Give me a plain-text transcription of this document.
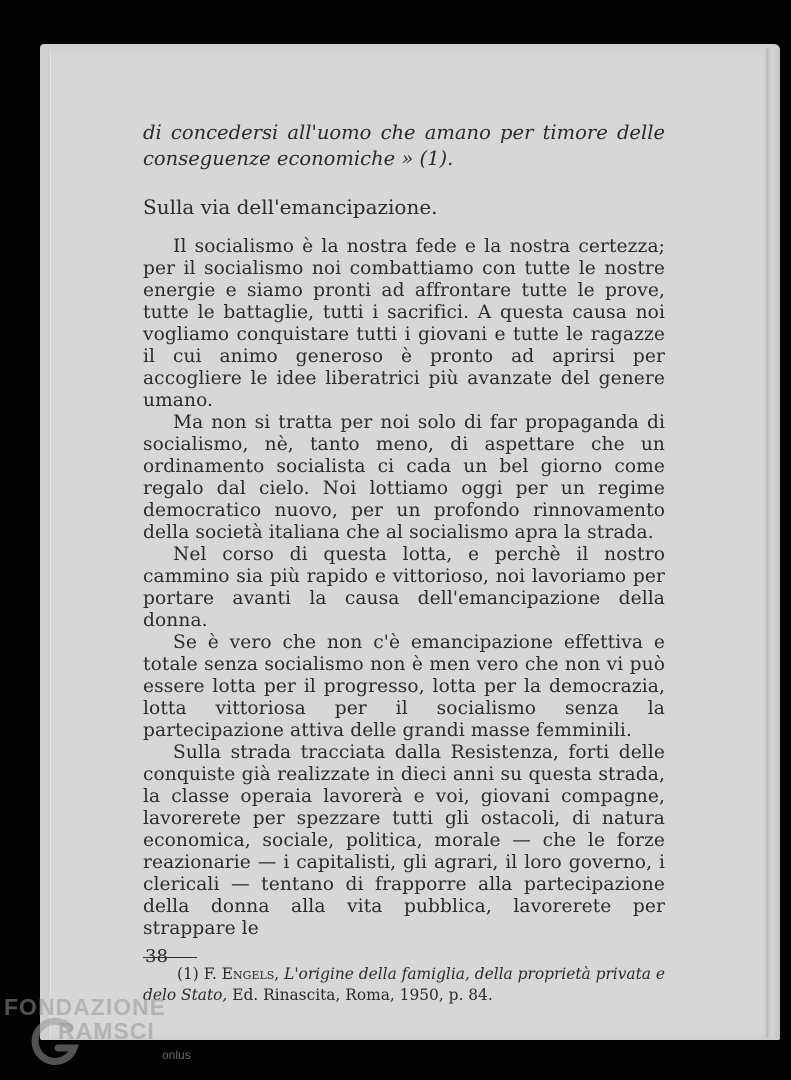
di concedersi all'uomo che amano per timore delle conseguenze economiche » (1).

Sulla via dell'emancipazione.

Il socialismo è la nostra fede e la nostra certezza; per il socialismo noi combattiamo con tutte le nostre energie e siamo pronti ad affrontare tutte le prove, tutte le battaglie, tutti i sacrifici. A questa causa noi vogliamo conquistare tutti i giovani e tutte le ragazze il cui animo generoso è pronto ad aprirsi per accogliere le idee liberatrici più avanzate del genere umano.

Ma non si tratta per noi solo di far propaganda di socialismo, nè, tanto meno, di aspettare che un ordinamento socialista ci cada un bel giorno come regalo dal cielo. Noi lottiamo oggi per un regime democratico nuovo, per un profondo rinnovamento della società italiana che al socialismo apra la strada.

Nel corso di questa lotta, e perchè il nostro cammino sia più rapido e vittorioso, noi lavoriamo per portare avanti la causa dell'emancipazione della donna.

Se è vero che non c'è emancipazione effettiva e totale senza socialismo non è men vero che non vi può essere lotta per il progresso, lotta per la democrazia, lotta vittoriosa per il socialismo senza la partecipazione attiva delle grandi masse femminili.

Sulla strada tracciata dalla Resistenza, forti delle conquiste già realizzate in dieci anni su questa strada, la classe operaia lavorerà e voi, giovani compagne, lavorerete per spezzare tutti gli ostacoli, di natura economica, sociale, politica, morale — che le forze reazionarie — i capitalisti, gli agrari, il loro governo, i clericali — tentano di frapporre alla partecipazione della donna alla vita pubblica, lavorerete per strappare le

(1) F. Engels, L'origine della famiglia, della proprietà privata e delo Stato, Ed. Rinascita, Roma, 1950, p. 84.

38
FONDAZIONE
RAMSCI
onlus
